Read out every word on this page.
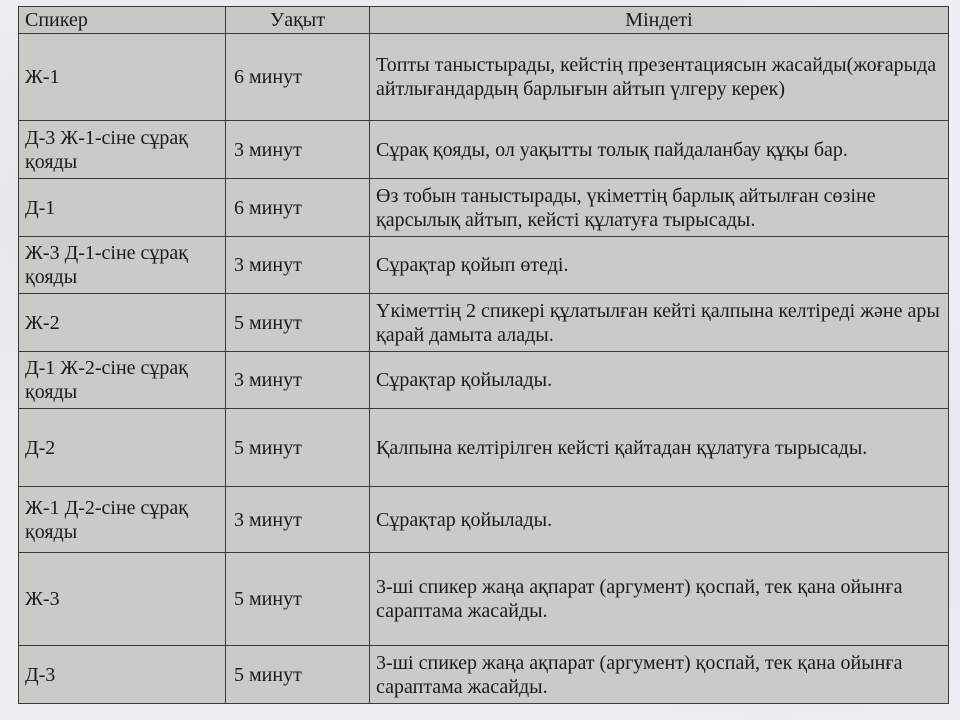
Спикер	Уақыт	Міндеті
Ж-1	6 минут	Топты таныстырады, кейстің презентациясын жасайды(жоғарыда айтлығандардың барлығын айтып үлгеру керек)
Д-3 Ж-1-сіне сұрақ қояды	3 минут	Сұрақ қояды, ол уақытты толық пайдаланбау құқы бар.
Д-1	6 минут	Өз тобын таныстырады, үкіметтің барлық айтылған сөзіне қарсылық айтып, кейсті құлатуға тырысады.
Ж-3 Д-1-сіне сұрақ қояды	3 минут	Сұрақтар қойып өтеді.
Ж-2	5 минут	Үкіметтің 2 спикері құлатылған кейті қалпына келтіреді және ары қарай дамыта алады.
Д-1 Ж-2-сіне сұрақ қояды	3 минут	Сұрақтар қойылады.
Д-2	5 минут	Қалпына келтірілген кейсті қайтадан құлатуға тырысады.
Ж-1 Д-2-сіне сұрақ қояды	3 минут	Сұрақтар қойылады.
Ж-3	5 минут	3-ші спикер жаңа ақпарат (аргумент) қоспай, тек қана ойынға сараптама жасайды.
Д-3	5 минут	3-ші спикер жаңа ақпарат (аргумент) қоспай, тек қана ойынға сараптама жасайды.
